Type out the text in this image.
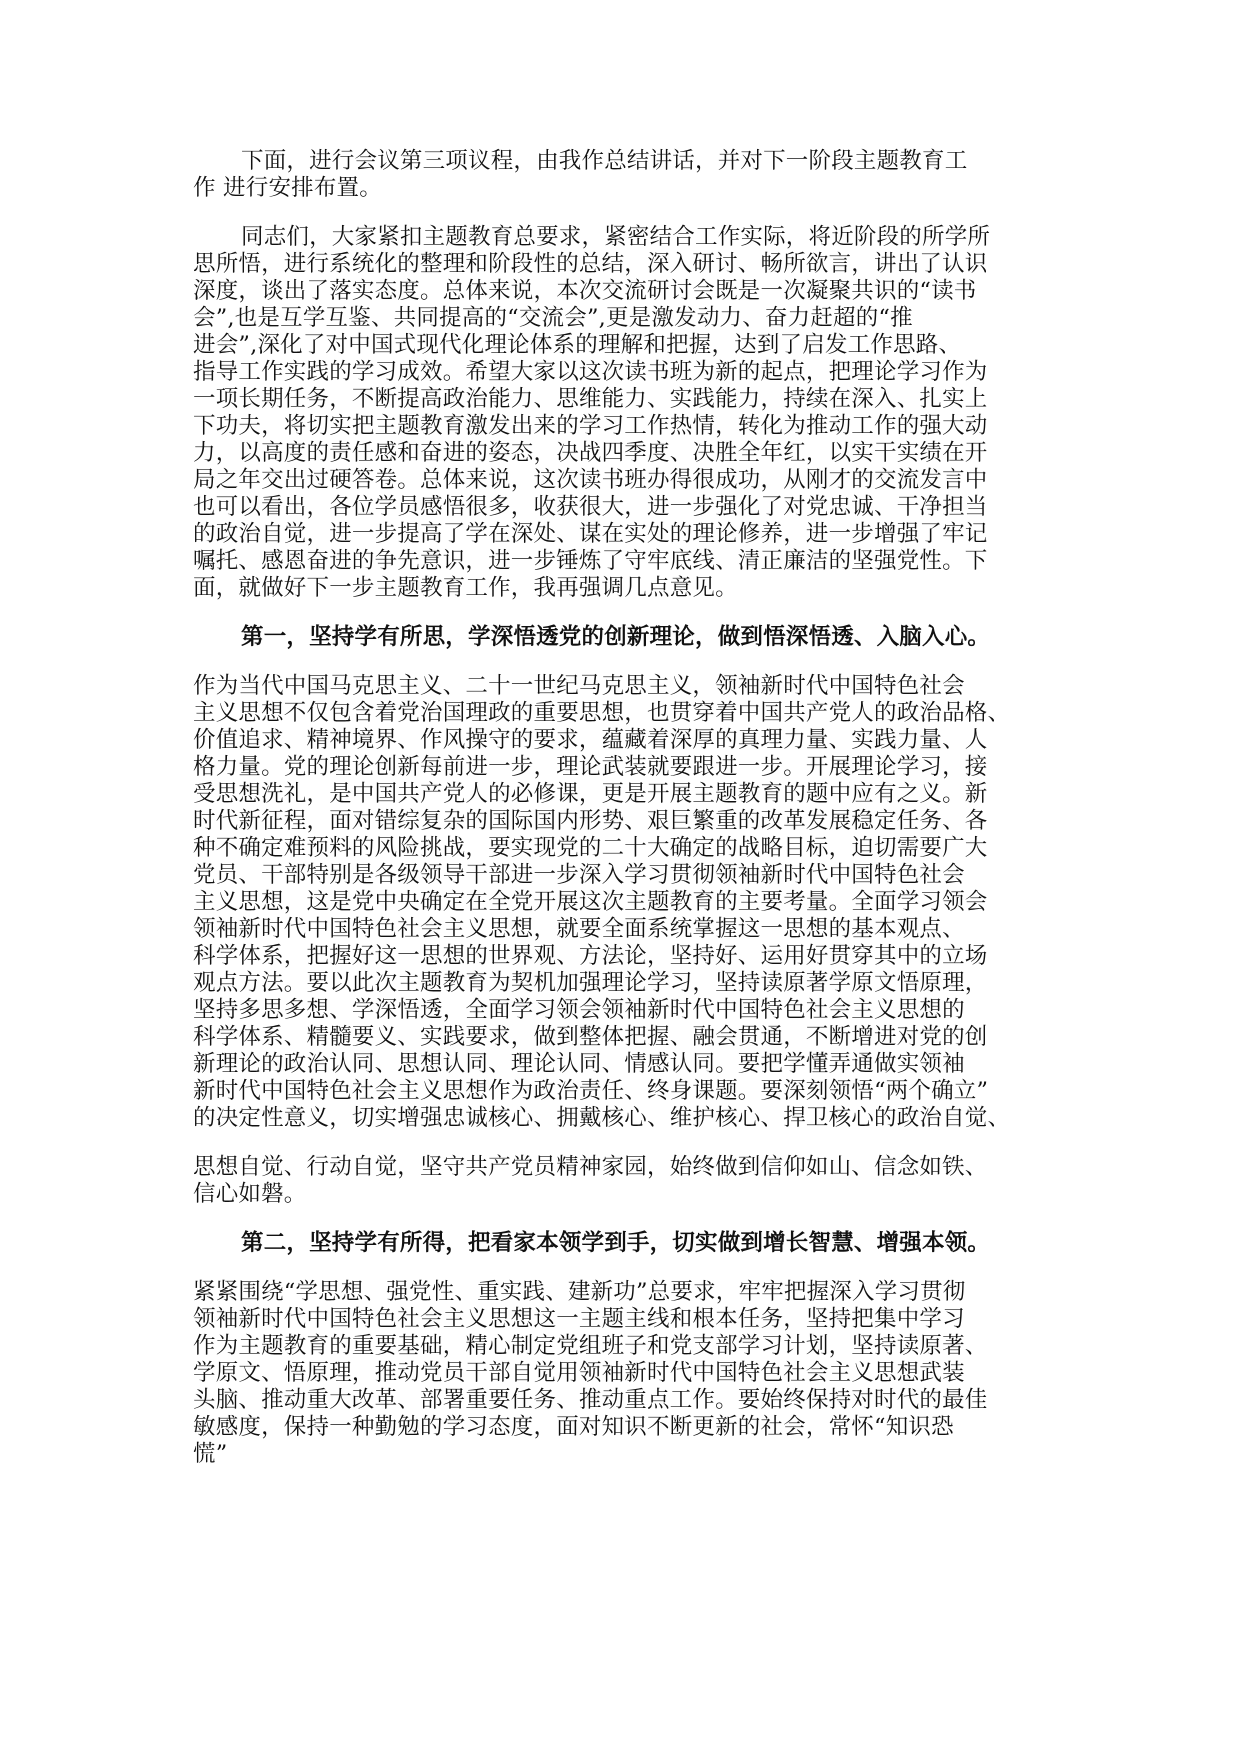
下面，进行会议第三项议程，由我作总结讲话，并对下一阶段主题教育工
作 进行安排布置。
同志们，大家紧扣主题教育总要求，紧密结合工作实际，将近阶段的所学所
思所悟，进行系统化的整理和阶段性的总结，深入研讨、畅所欲言，讲出了认识
深度，谈出了落实态度。总体来说，本次交流研讨会既是一次凝聚共识的“读书
会”,也是互学互鉴、共同提高的“交流会”,更是激发动力、奋力赶超的“推
进会”,深化了对中国式现代化理论体系的理解和把握，达到了启发工作思路、
指导工作实践的学习成效。希望大家以这次读书班为新的起点，把理论学习作为
一项长期任务，不断提高政治能力、思维能力、实践能力，持续在深入、扎实上
下功夫，将切实把主题教育激发出来的学习工作热情，转化为推动工作的强大动
力，以高度的责任感和奋进的姿态，决战四季度、决胜全年红，以实干实绩在开
局之年交出过硬答卷。总体来说，这次读书班办得很成功，从刚才的交流发言中
也可以看出，各位学员感悟很多，收获很大，进一步强化了对党忠诚、干净担当
的政治自觉，进一步提高了学在深处、谋在实处的理论修养，进一步增强了牢记
嘱托、感恩奋进的争先意识，进一步锤炼了守牢底线、清正廉洁的坚强党性。下
面，就做好下一步主题教育工作，我再强调几点意见。
第一，坚持学有所思，学深悟透党的创新理论，做到悟深悟透、入脑入心。
作为当代中国马克思主义、二十一世纪马克思主义，领袖新时代中国特色社会
主义思想不仅包含着党治国理政的重要思想，也贯穿着中国共产党人的政治品格、
价值追求、精神境界、作风操守的要求，蕴藏着深厚的真理力量、实践力量、人
格力量。党的理论创新每前进一步，理论武装就要跟进一步。开展理论学习，接
受思想洗礼，是中国共产党人的必修课，更是开展主题教育的题中应有之义。新
时代新征程，面对错综复杂的国际国内形势、艰巨繁重的改革发展稳定任务、各
种不确定难预料的风险挑战，要实现党的二十大确定的战略目标，迫切需要广大
党员、干部特别是各级领导干部进一步深入学习贯彻领袖新时代中国特色社会
主义思想，这是党中央确定在全党开展这次主题教育的主要考量。全面学习领会
领袖新时代中国特色社会主义思想，就要全面系统掌握这一思想的基本观点、
科学体系，把握好这一思想的世界观、方法论，坚持好、运用好贯穿其中的立场
观点方法。要以此次主题教育为契机加强理论学习，坚持读原著学原文悟原理，
坚持多思多想、学深悟透，全面学习领会领袖新时代中国特色社会主义思想的
科学体系、精髓要义、实践要求，做到整体把握、融会贯通，不断增进对党的创
新理论的政治认同、思想认同、理论认同、情感认同。要把学懂弄通做实领袖
新时代中国特色社会主义思想作为政治责任、终身课题。要深刻领悟“两个确立”
的决定性意义，切实增强忠诚核心、拥戴核心、维护核心、捍卫核心的政治自觉、
思想自觉、行动自觉，坚守共产党员精神家园，始终做到信仰如山、信念如铁、
信心如磐。
第二，坚持学有所得，把看家本领学到手，切实做到增长智慧、增强本领。
紧紧围绕“学思想、强党性、重实践、建新功”总要求，牢牢把握深入学习贯彻
领袖新时代中国特色社会主义思想这一主题主线和根本任务，坚持把集中学习
作为主题教育的重要基础，精心制定党组班子和党支部学习计划，坚持读原著、
学原文、悟原理，推动党员干部自觉用领袖新时代中国特色社会主义思想武装
头脑、推动重大改革、部署重要任务、推动重点工作。要始终保持对时代的最佳
敏感度，保持一种勤勉的学习态度，面对知识不断更新的社会，常怀“知识恐
慌”
